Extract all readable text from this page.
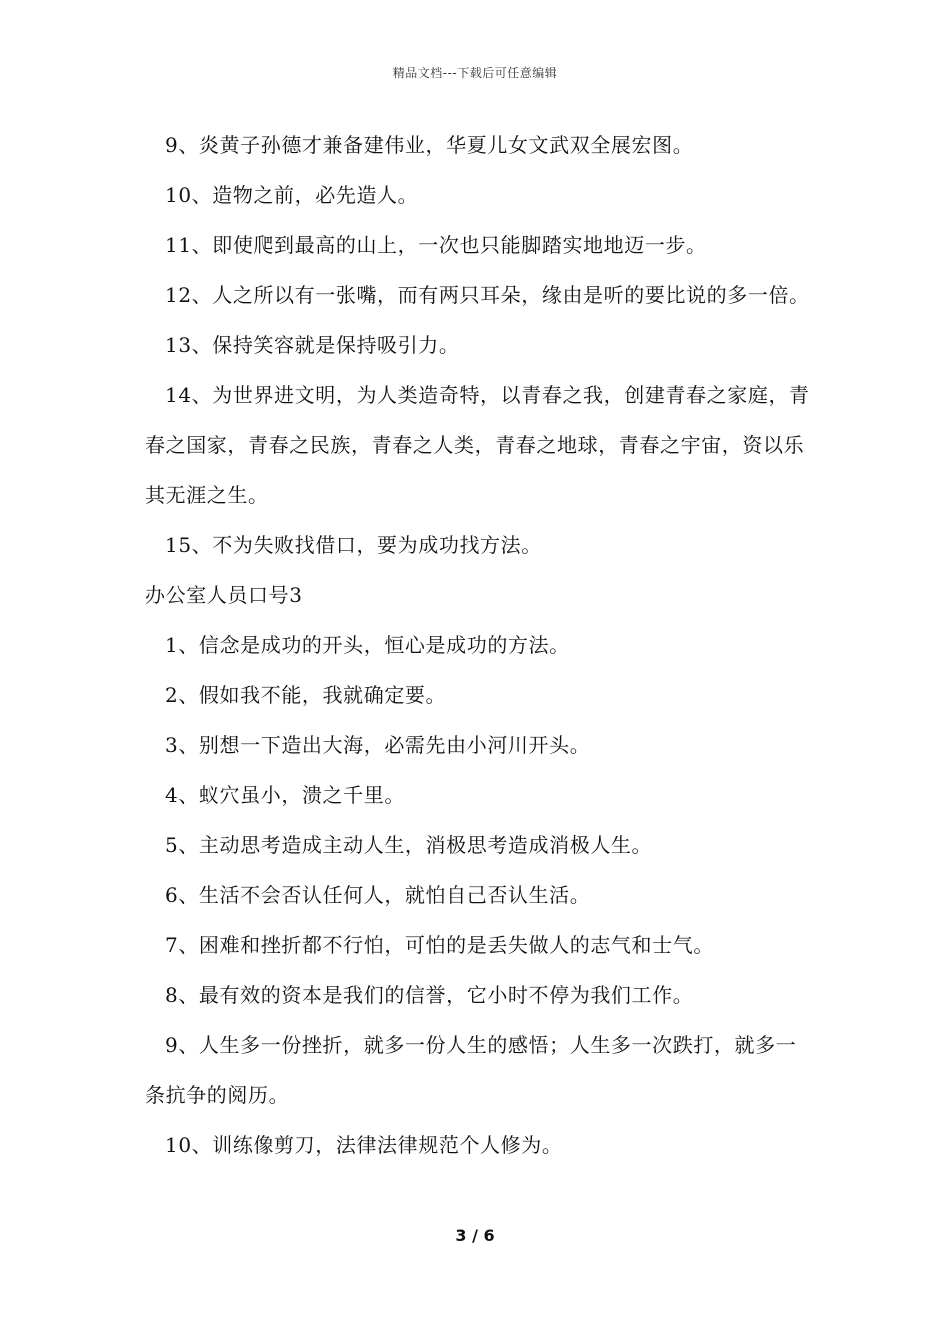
精品文档---下载后可任意编辑

9、炎黄子孙德才兼备建伟业，华夏儿女文武双全展宏图。

10、造物之前，必先造人。

11、即使爬到最高的山上，一次也只能脚踏实地地迈一步。

12、人之所以有一张嘴，而有两只耳朵，缘由是听的要比说的多一倍。

13、保持笑容就是保持吸引力。

14、为世界进文明，为人类造奇特，以青春之我，创建青春之家庭，青春之国家，青春之民族，青春之人类，青春之地球，青春之宇宙，资以乐其无涯之生。

15、不为失败找借口，要为成功找方法。

办公室人员口号3

1、信念是成功的开头，恒心是成功的方法。

2、假如我不能，我就确定要。

3、别想一下造出大海，必需先由小河川开头。

4、蚁穴虽小，溃之千里。

5、主动思考造成主动人生，消极思考造成消极人生。

6、生活不会否认任何人，就怕自己否认生活。

7、困难和挫折都不行怕，可怕的是丢失做人的志气和士气。

8、最有效的资本是我们的信誉，它小时不停为我们工作。

9、人生多一份挫折，就多一份人生的感悟；人生多一次跌打，就多一条抗争的阅历。

10、训练像剪刀，法律法律规范个人修为。

3 / 6
